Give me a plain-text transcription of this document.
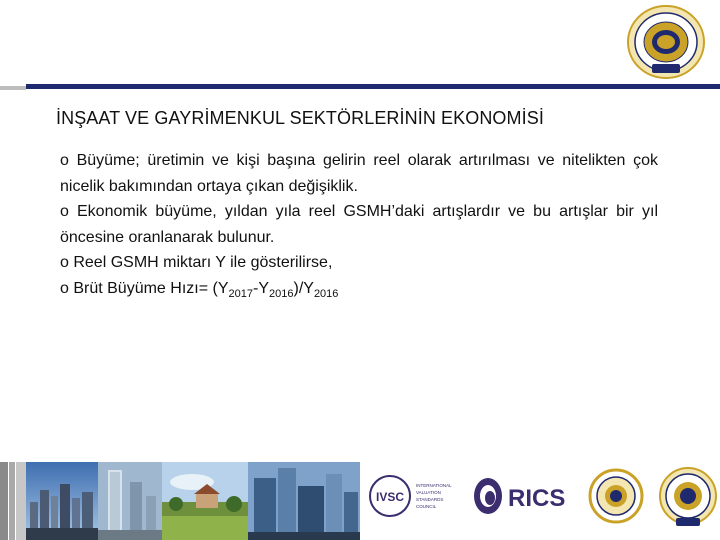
İNŞAAT VE GAYRİMENKUL SEKTÖRLERİNİN EKONOMİSİ
o Büyüme; üretimin ve kişi başına gelirin reel olarak artırılması ve nitelikten çok nicelik bakımından ortaya çıkan değişiklik.
o Ekonomik büyüme, yıldan yıla reel GSMH’daki artışlardır ve bu artışlar bir yıl öncesine oranlanarak bulunur.
o Reel GSMH miktarı Y ile gösterilirse,
o Brüt Büyüme Hızı= $(Y_{2017}-Y_{2016})/Y_{2016}$
IVSC
INTERNATIONAL
VALUATION
STANDARDS
COUNCIL	RICS
